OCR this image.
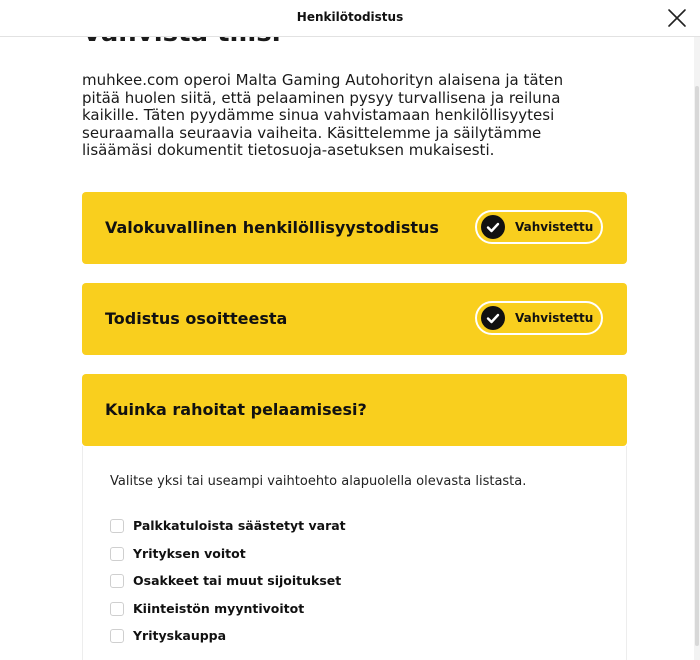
muhkee.com operoi Malta Gaming Autohorityn alaisena ja täten pitää huolen siitä, että pelaaminen pysyy turvallisena ja reiluna kaikille. Täten pyydämme sinua vahvistamaan henkilöllisyytesi seuraamalla seuraavia vaiheita. Käsittelemme ja säilytämme lisäämäsi dokumentit tietosuoja-asetuksen mukaisesti.

Valokuvallinen henkilöllisyystodistus	Vahvistettu
Todistus osoitteesta	Vahvistettu
Kuinka rahoitat pelaamisesi?
Valitse yksi tai useampi vaihtoehto alapuolella olevasta listasta.
Palkkatuloista säästetyt varat
Yrityksen voitot
Osakkeet tai muut sijoitukset
Kiinteistön myyntivoitot
Yrityskauppa
Henkilötodistus
